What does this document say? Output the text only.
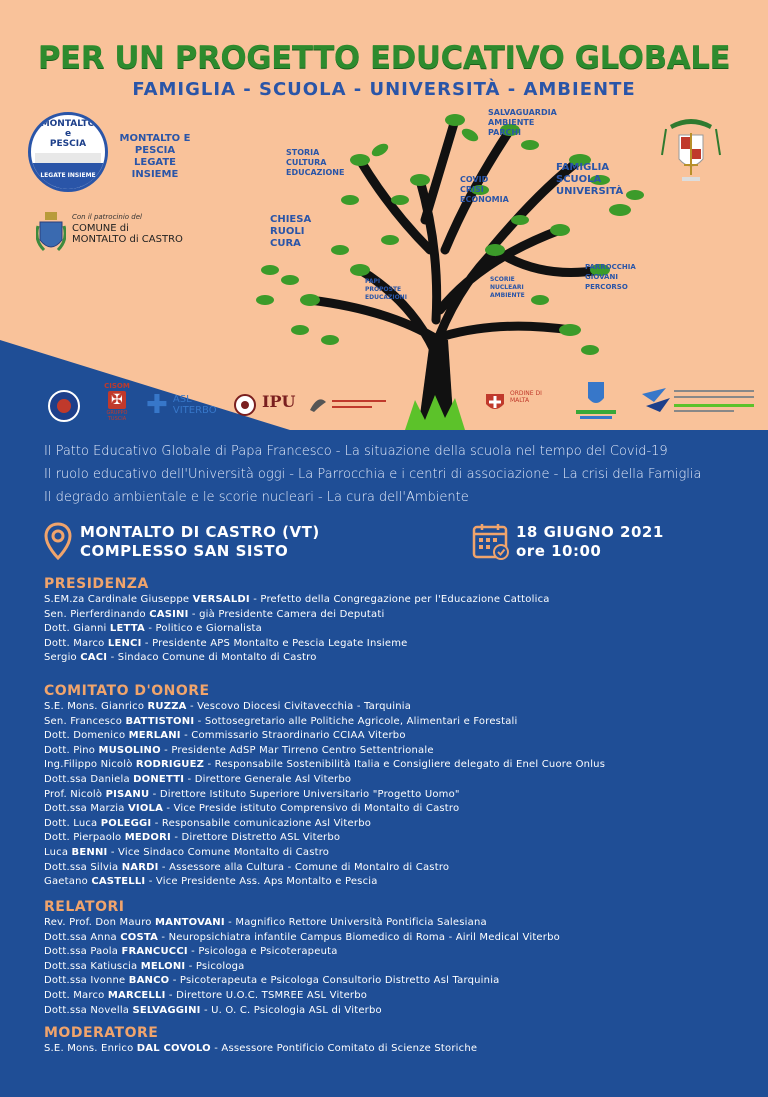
PER UN PROGETTO EDUCATIVO GLOBALE
FAMIGLIA - SCUOLA - UNIVERSITÀ - AMBIENTE
MONTALTO
e
PESCIA
LEGATE INSIEME
MONTALTO E PESCIA LEGATE INSIEME
Con il patrocinio del
COMUNE di
MONTALTO di CASTRO
STORIA CULTURA EDUCAZIONE
SALVAGUARDIA AMBIENTE PARCHI
COVID CRISI ECONOMIA
FAMIGLIA SCUOLA UNIVERSITÀ
CHIESA RUOLI CURA
PARROCCHIA GIOVANI PERCORSO
PAPI PROPOSTE EDUCAZIONI
SCORIE NUCLEARI AMBIENTE
CISOM
✠
GRUPPO TUSCIA ✚ ASL VITERBO	IPU	ORDINE DI MALTA
Il Patto Educativo Globale di Papa Francesco - La situazione della scuola nel tempo del Covid-19
Il ruolo educativo dell'Università oggi - La Parrocchia e i centri di associazione - La crisi della Famiglia
Il degrado ambientale e le scorie nucleari - La cura dell'Ambiente
MONTALTO DI CASTRO (VT)
COMPLESSO SAN SISTO
18 GIUGNO 2021
ore 10:00
PRESIDENZA
S.EM.za Cardinale Giuseppe VERSALDI - Prefetto della Congregazione per l'Educazione Cattolica
Sen. Pierferdinando CASINI - già Presidente Camera dei Deputati
Dott. Gianni LETTA - Politico e Giornalista
Dott. Marco LENCI - Presidente APS Montalto e Pescia Legate Insieme
Sergio CACI - Sindaco Comune di Montalto di Castro
COMITATO D'ONORE
S.E. Mons. Gianrico RUZZA - Vescovo Diocesi Civitavecchia - Tarquinia
Sen. Francesco BATTISTONI - Sottosegretario alle Politiche Agricole, Alimentari e Forestali
Dott. Domenico MERLANI - Commissario Straordinario CCIAA Viterbo
Dott. Pino MUSOLINO - Presidente AdSP Mar Tirreno Centro Settentrionale
Ing.Filippo Nicolò RODRIGUEZ - Responsabile Sostenibilità Italia e Consigliere delegato di Enel Cuore Onlus
Dott.ssa Daniela DONETTI - Direttore Generale Asl Viterbo
Prof. Nicolò PISANU - Direttore Istituto Superiore Universitario "Progetto Uomo"
Dott.ssa Marzia VIOLA - Vice Preside istituto Comprensivo di Montalto di Castro
Dott. Luca POLEGGI - Responsabile comunicazione Asl Viterbo
Dott. Pierpaolo MEDORI - Direttore Distretto ASL Viterbo
Luca BENNI - Vice Sindaco Comune Montalto di Castro
Dott.ssa Silvia NARDI - Assessore alla Cultura - Comune di Montalro di Castro
Gaetano CASTELLI - Vice Presidente Ass. Aps Montalto e Pescia
RELATORI
Rev. Prof. Don Mauro MANTOVANI - Magnifico Rettore Università Pontificia Salesiana
Dott.ssa Anna COSTA - Neuropsichiatra infantile Campus Biomedico di Roma - Airil Medical Viterbo
Dott.ssa Paola FRANCUCCI - Psicologa e Psicoterapeuta
Dott.ssa Katiuscia MELONI - Psicologa
Dott.ssa Ivonne BANCO - Psicoterapeuta e Psicologa Consultorio Distretto Asl Tarquinia
Dott. Marco MARCELLI - Direttore U.O.C. TSMREE ASL Viterbo
Dott.ssa Novella SELVAGGINI - U. O. C. Psicologia ASL di Viterbo
MODERATORE
S.E. Mons. Enrico DAL COVOLO - Assessore Pontificio Comitato di Scienze Storiche
